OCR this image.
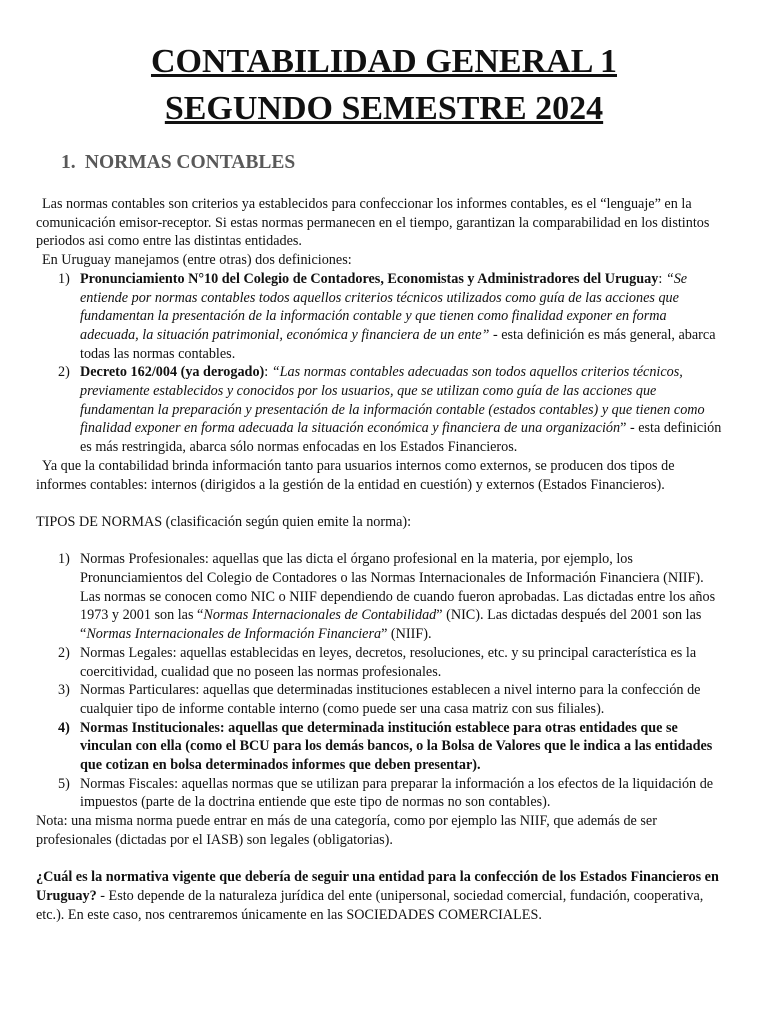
CONTABILIDAD GENERAL 1
SEGUNDO SEMESTRE 2024
1. NORMAS CONTABLES

Las normas contables son criterios ya establecidos para confeccionar los informes contables, es el “lenguaje” en la comunicación emisor-receptor. Si estas normas permanecen en el tiempo, garantizan la comparabilidad en los distintos periodos asi como entre las distintas entidades.

En Uruguay manejamos (entre otras) dos definiciones:

1) Pronunciamiento N°10 del Colegio de Contadores, Economistas y Administradores del Uruguay: “Se entiende por normas contables todos aquellos criterios técnicos utilizados como guía de las acciones que fundamentan la presentación de la información contable y que tienen como finalidad exponer en forma adecuada, la situación patrimonial, económica y financiera de un ente” - esta definición es más general, abarca todas las normas contables.
2) Decreto 162/004 (ya derogado): “Las normas contables adecuadas son todos aquellos criterios técnicos, previamente establecidos y conocidos por los usuarios, que se utilizan como guía de las acciones que fundamentan la preparación y presentación de la información contable (estados contables) y que tienen como finalidad exponer en forma adecuada la situación económica y financiera de una organización” - esta definición es más restringida, abarca sólo normas enfocadas en los Estados Financieros.

Ya que la contabilidad brinda información tanto para usuarios internos como externos, se producen dos tipos de informes contables: internos (dirigidos a la gestión de la entidad en cuestión) y externos (Estados Financieros).

TIPOS DE NORMAS (clasificación según quien emite la norma):

1) Normas Profesionales: aquellas que las dicta el órgano profesional en la materia, por ejemplo, los Pronunciamientos del Colegio de Contadores o las Normas Internacionales de Información Financiera (NIIF).
Las normas se conocen como NIC o NIIF dependiendo de cuando fueron aprobadas. Las dictadas entre los años 1973 y 2001 son las “Normas Internacionales de Contabilidad” (NIC). Las dictadas después del 2001 son las “Normas Internacionales de Información Financiera” (NIIF).
2) Normas Legales: aquellas establecidas en leyes, decretos, resoluciones, etc. y su principal característica es la coercitividad, cualidad que no poseen las normas profesionales.
3) Normas Particulares: aquellas que determinadas instituciones establecen a nivel interno para la confección de cualquier tipo de informe contable interno (como puede ser una casa matriz con sus filiales).
4) Normas Institucionales: aquellas que determinada institución establece para otras entidades que se vinculan con ella (como el BCU para los demás bancos, o la Bolsa de Valores que le indica a las entidades que cotizan en bolsa determinados informes que deben presentar).
5) Normas Fiscales: aquellas normas que se utilizan para preparar la información a los efectos de la liquidación de impuestos (parte de la doctrina entiende que este tipo de normas no son contables).

Nota: una misma norma puede entrar en más de una categoría, como por ejemplo las NIIF, que además de ser profesionales (dictadas por el IASB) son legales (obligatorias).

¿Cuál es la normativa vigente que debería de seguir una entidad para la confección de los Estados Financieros en Uruguay? - Esto depende de la naturaleza jurídica del ente (unipersonal, sociedad comercial, fundación, cooperativa, etc.). En este caso, nos centraremos únicamente en las SOCIEDADES COMERCIALES.
